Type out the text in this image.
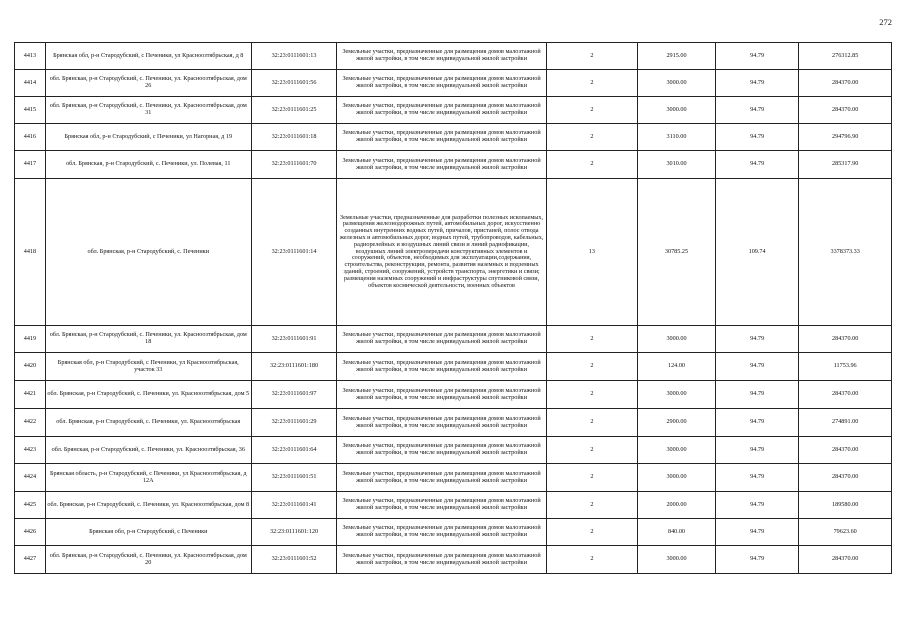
272
4413	Брянская обл, р-н Стародубский, с Печеники, ул Красноозтябрьская, д 8	32:23:0111601:13	Земельные участки, предназначенные для размещения домов малоэтажной жилой застройки, в том числе индивидуальной жилой застройки	2	2915.00	94.79	276312.85
4414	обл. Брянская, р-н Стародубский, с. Печеники, ул. Красноозтябрьская, дом 26	32:23:0111601:56	Земельные участки, предназначенные для размещения домов малоэтажной жилой застройки, в том числе индивидуальной жилой застройки	2	3000.00	94.79	284370.00
4415	обл. Брянская, р-н Стародубский, с. Печеники, ул. Красноозтябрьская, дом 31	32:23:0111601:25	Земельные участки, предназначенные для размещения домов малоэтажной жилой застройки, в том числе индивидуальной жилой застройки	2	3000.00	94.79	284370.00
4416	Брянская обл, р-н Стародубский, с Печеники, ул Нагорная, д 19	32:23:0111601:18	Земельные участки, предназначенные для размещения домов малоэтажной жилой застройки, в том числе индивидуальной жилой застройки	2	3110.00	94.79	294796.90
4417	обл. Брянская, р-н Стародубский, с. Печеники, ул. Полевая, 11	32:23:0111601:70	Земельные участки, предназначенные для размещения домов малоэтажной жилой застройки, в том числе индивидуальной жилой застройки	2	3010.00	94.79	285317.90
4418	обл. Брянская, р-н Стародубский, с. Печеники	32:23:0111601:14	Земельные участки, предназначенные для разработки полезных ископаемых, размещения железнодорожных путей, автомобильных дорог, искусственно созданных внутренних водных путей, причалов, пристаней, полос отвода железных и автомобильных дорог, водных путей, трубопроводов, кабельных, радиорелейных и воздушных линий связи и линий радиофикации, воздушных линий электропередачи конструктивных элементов и сооружений, объектов, необходимых для эксплуатации,содержания, строительства, реконструкции, ремонта, развития наземных и подземных зданий, строений, сооружений, устройств транспорта, энергетики и связи; размещения наземных сооружений и инфраструктуры спутниковой связи, объектов космической деятельности, военных объектов	13	30785.25	109.74	3378373.33
4419	обл. Брянская, р-н Стародубский, с. Печеники, ул. Красноозтябрьская, дом 18	32:23:0111601:91	Земельные участки, предназначенные для размещения домов малоэтажной жилой застройки, в том числе индивидуальной жилой застройки	2	3000.00	94.79	284370.00
4420	Брянская обл, р-н Стародубский, с Печеники, ул Красноозтябрьская, участок 33	32:23:0111601:180	Земельные участки, предназначенные для размещения домов малоэтажной жилой застройки, в том числе индивидуальной жилой застройки	2	124.00	94.79	11753.96
4421	обл. Брянская, р-н Стародубский, с. Печеники, ул. Красноозтябрьская, дом 5	32:23:0111601:97	Земельные участки, предназначенные для размещения домов малоэтажной жилой застройки, в том числе индивидуальной жилой застройки	2	3000.00	94.79	284370.00
4422	обл. Брянская, р-н Стародубский, с. Печеники, ул. Красноозтябрьская	32:23:0111601:29	Земельные участки, предназначенные для размещения домов малоэтажной жилой застройки, в том числе индивидуальной жилой застройки	2	2900.00	94.79	274891.00
4423	обл. Брянская, р-н Стародубский, с. Печеники, ул. Красноозтябрьская, 36	32:23:0111601:64	Земельные участки, предназначенные для размещения домов малоэтажной жилой застройки, в том числе индивидуальной жилой застройки	2	3000.00	94.79	284370.00
4424	Брянская область, р-н Стародубский, с Печеники, ул Красноозтябрьская, д 12А	32:23:0111601:51	Земельные участки, предназначенные для размещения домов малоэтажной жилой застройки, в том числе индивидуальной жилой застройки	2	3000.00	94.79	284370.00
4425	обл. Брянская, р-н Стародубский, с. Печеники, ул. Красноозтябрьская, дом 8	32:23:0111601:41	Земельные участки, предназначенные для размещения домов малоэтажной жилой застройки, в том числе индивидуальной жилой застройки	2	2000.00	94.79	189580.00
4426	Брянская обл, р-н Стародубский, с Печеники	32:23:0111601:120	Земельные участки, предназначенные для размещения домов малоэтажной жилой застройки, в том числе индивидуальной жилой застройки	2	840.00	94.79	79623.60
4427	обл. Брянская, р-н Стародубский, с. Печеники, ул. Красноозтябрьская, дом 20	32:23:0111601:52	Земельные участки, предназначенные для размещения домов малоэтажной жилой застройки, в том числе индивидуальной жилой застройки	2	3000.00	94.79	284370.00
